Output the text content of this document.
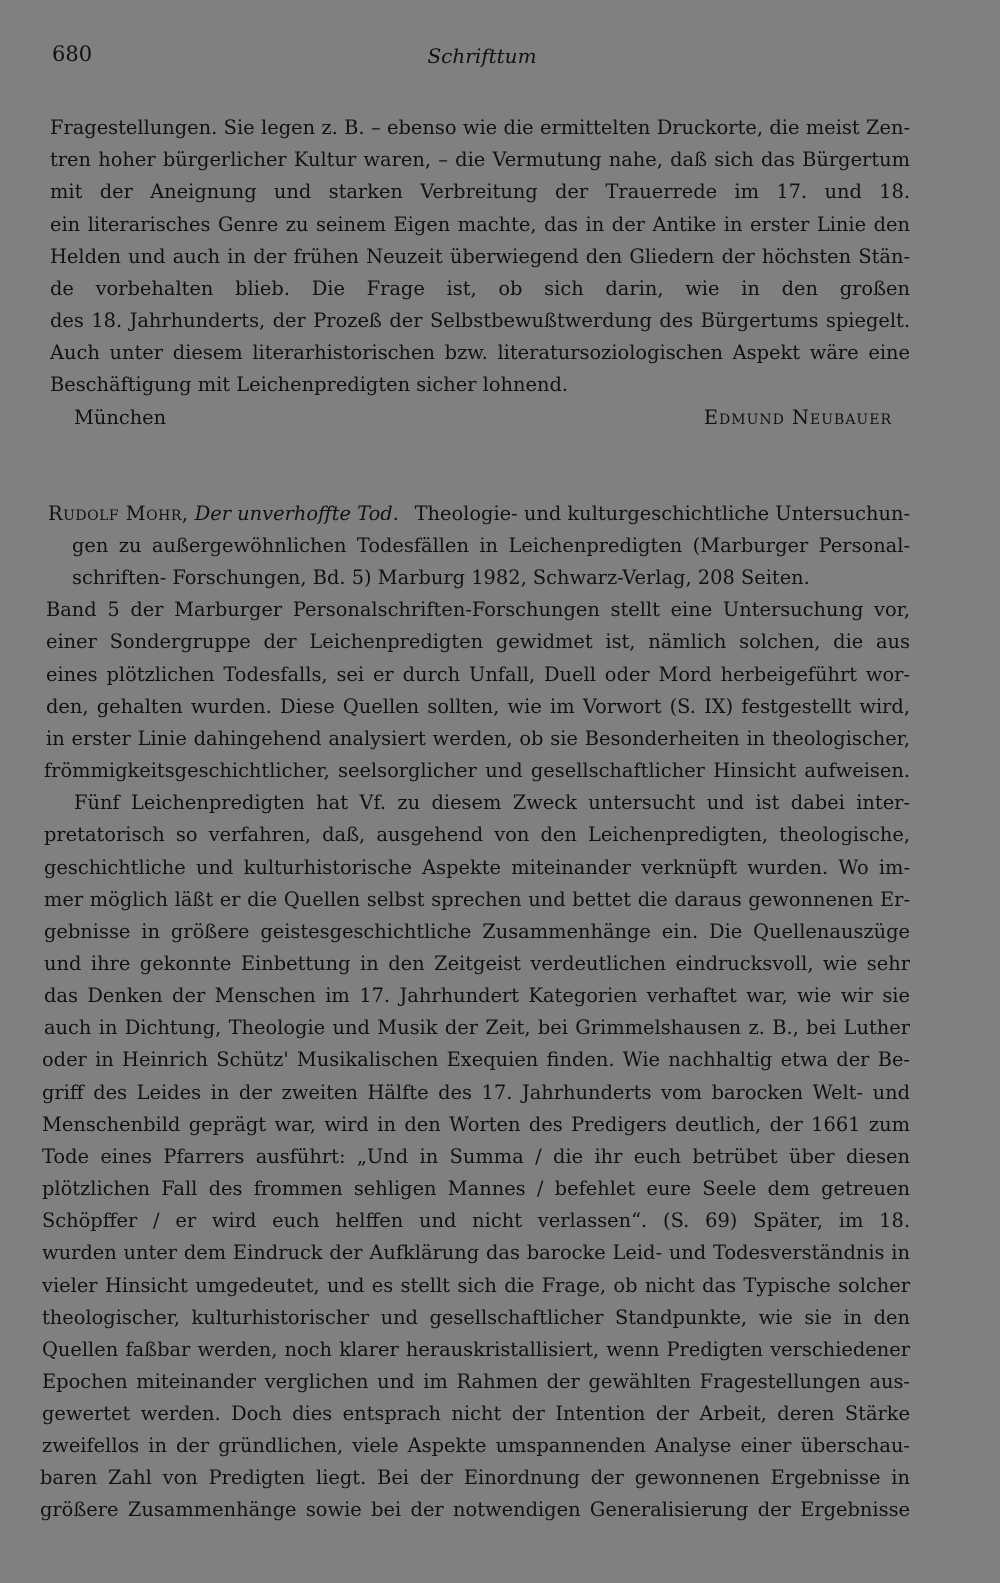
680	Schrifttum
Fragestellungen. Sie legen z. B. – ebenso wie die ermittelten Druckorte, die meist Zen-
tren hoher bürgerlicher Kultur waren, – die Vermutung nahe, daß sich das Bürgertum
mit der Aneignung und starken Verbreitung der Trauerrede im 17. und 18.
ein literarisches Genre zu seinem Eigen machte, das in der Antike in erster Linie den
Helden und auch in der frühen Neuzeit überwiegend den Gliedern der höchsten Stän-
de vorbehalten blieb. Die Frage ist, ob sich darin, wie in den großen
des 18. Jahrhunderts, der Prozeß der Selbstbewußtwerdung des Bürgertums spiegelt.
Auch unter diesem literarhistorischen bzw. literatursoziologischen Aspekt wäre eine
Beschäftigung mit Leichenpredigten sicher lohnend.
München	Edmund Neubauer
Rudolf Mohr, Der unverhoffte Tod. Theologie- und kulturgeschichtliche Untersuchun-
gen zu außergewöhnlichen Todesfällen in Leichenpredigten (Marburger Personal-
schriften- Forschungen, Bd. 5) Marburg 1982, Schwarz-Verlag, 208 Seiten.
Band 5 der Marburger Personalschriften-Forschungen stellt eine Untersuchung vor,
einer Sondergruppe der Leichenpredigten gewidmet ist, nämlich solchen, die aus
eines plötzlichen Todesfalls, sei er durch Unfall, Duell oder Mord herbeigeführt wor-
den, gehalten wurden. Diese Quellen sollten, wie im Vorwort (S. IX) festgestellt wird,
in erster Linie dahingehend analysiert werden, ob sie Besonderheiten in theologischer,
frömmigkeitsgeschichtlicher, seelsorglicher und gesellschaftlicher Hinsicht aufweisen.
Fünf Leichenpredigten hat Vf. zu diesem Zweck untersucht und ist dabei inter-
pretatorisch so verfahren, daß, ausgehend von den Leichenpredigten, theologische,
geschichtliche und kulturhistorische Aspekte miteinander verknüpft wurden. Wo im-
mer möglich läßt er die Quellen selbst sprechen und bettet die daraus gewonnenen Er-
gebnisse in größere geistesgeschichtliche Zusammenhänge ein. Die Quellenauszüge
und ihre gekonnte Einbettung in den Zeitgeist verdeutlichen eindrucksvoll, wie sehr
das Denken der Menschen im 17. Jahrhundert Kategorien verhaftet war, wie wir sie
auch in Dichtung, Theologie und Musik der Zeit, bei Grimmelshausen z. B., bei Luther
oder in Heinrich Schütz' Musikalischen Exequien finden. Wie nachhaltig etwa der Be-
griff des Leides in der zweiten Hälfte des 17. Jahrhunderts vom barocken Welt- und
Menschenbild geprägt war, wird in den Worten des Predigers deutlich, der 1661 zum
Tode eines Pfarrers ausführt: „Und in Summa / die ihr euch betrübet über diesen
plötzlichen Fall des frommen sehligen Mannes / befehlet eure Seele dem getreuen
Schöpffer / er wird euch helffen und nicht verlassen“. (S. 69) Später, im 18.
wurden unter dem Eindruck der Aufklärung das barocke Leid- und Todesverständnis in
vieler Hinsicht umgedeutet, und es stellt sich die Frage, ob nicht das Typische solcher
theologischer, kulturhistorischer und gesellschaftlicher Standpunkte, wie sie in den
Quellen faßbar werden, noch klarer herauskristallisiert, wenn Predigten verschiedener
Epochen miteinander verglichen und im Rahmen der gewählten Fragestellungen aus-
gewertet werden. Doch dies entsprach nicht der Intention der Arbeit, deren Stärke
zweifellos in der gründlichen, viele Aspekte umspannenden Analyse einer überschau-
baren Zahl von Predigten liegt. Bei der Einordnung der gewonnenen Ergebnisse in
größere Zusammenhänge sowie bei der notwendigen Generalisierung der Ergebnisse
